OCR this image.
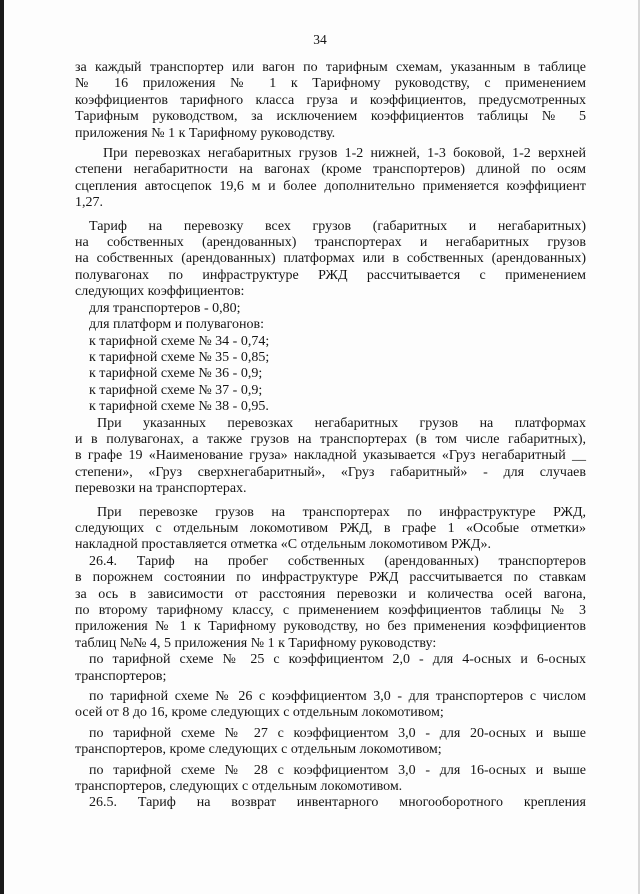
34
за каждый транспортер или вагон по тарифным схемам, указанным в таблице
№ 16 приложения № 1 к Тарифному руководству, с применением
коэффициентов тарифного класса груза и коэффициентов, предусмотренных
Тарифным руководством, за исключением коэффициентов таблицы № 5
приложения № 1 к Тарифному руководству.
При перевозках негабаритных грузов 1-2 нижней, 1-3 боковой, 1-2 верхней
степени негабаритности на вагонах (кроме транспортеров) длиной по осям
сцепления автосцепок 19,6 м и более дополнительно применяется коэффициент
1,27.
Тариф на перевозку всех грузов (габаритных и негабаритных)
на собственных (арендованных) транспортерах и негабаритных грузов
на собственных (арендованных) платформах или в собственных (арендованных)
полувагонах по инфраструктуре РЖД рассчитывается с применением
следующих коэффициентов:
для транспортеров - 0,80;
для платформ и полувагонов:
к тарифной схеме № 34 - 0,74;
к тарифной схеме № 35 - 0,85;
к тарифной схеме № 36 - 0,9;
к тарифной схеме № 37 - 0,9;
к тарифной схеме № 38 - 0,95.
При указанных перевозках негабаритных грузов на платформах
и в полувагонах, а также грузов на транспортерах (в том числе габаритных),
в графе 19 «Наименование груза» накладной указывается «Груз негабаритный __
степени», «Груз сверхнегабаритный», «Груз габаритный» - для случаев
перевозки на транспортерах.
При перевозке грузов на транспортерах по инфраструктуре РЖД,
следующих с отдельным локомотивом РЖД, в графе 1 «Особые отметки»
накладной проставляется отметка «С отдельным локомотивом РЖД».
26.4. Тариф на пробег собственных (арендованных) транспортеров
в порожнем состоянии по инфраструктуре РЖД рассчитывается по ставкам
за ось в зависимости от расстояния перевозки и количества осей вагона,
по второму тарифному классу, с применением коэффициентов таблицы № 3
приложения № 1 к Тарифному руководству, но без применения коэффициентов
таблиц №№ 4, 5 приложения № 1 к Тарифному руководству:
по тарифной схеме № 25 с коэффициентом 2,0 - для 4-осных и 6-осных
транспортеров;
по тарифной схеме № 26 с коэффициентом 3,0 - для транспортеров с числом
осей от 8 до 16, кроме следующих с отдельным локомотивом;
по тарифной схеме № 27 с коэффициентом 3,0 - для 20-осных и выше
транспортеров, кроме следующих с отдельным локомотивом;
по тарифной схеме № 28 с коэффициентом 3,0 - для 16-осных и выше
транспортеров, следующих с отдельным локомотивом.
26.5. Тариф на возврат инвентарного многооборотного крепления
